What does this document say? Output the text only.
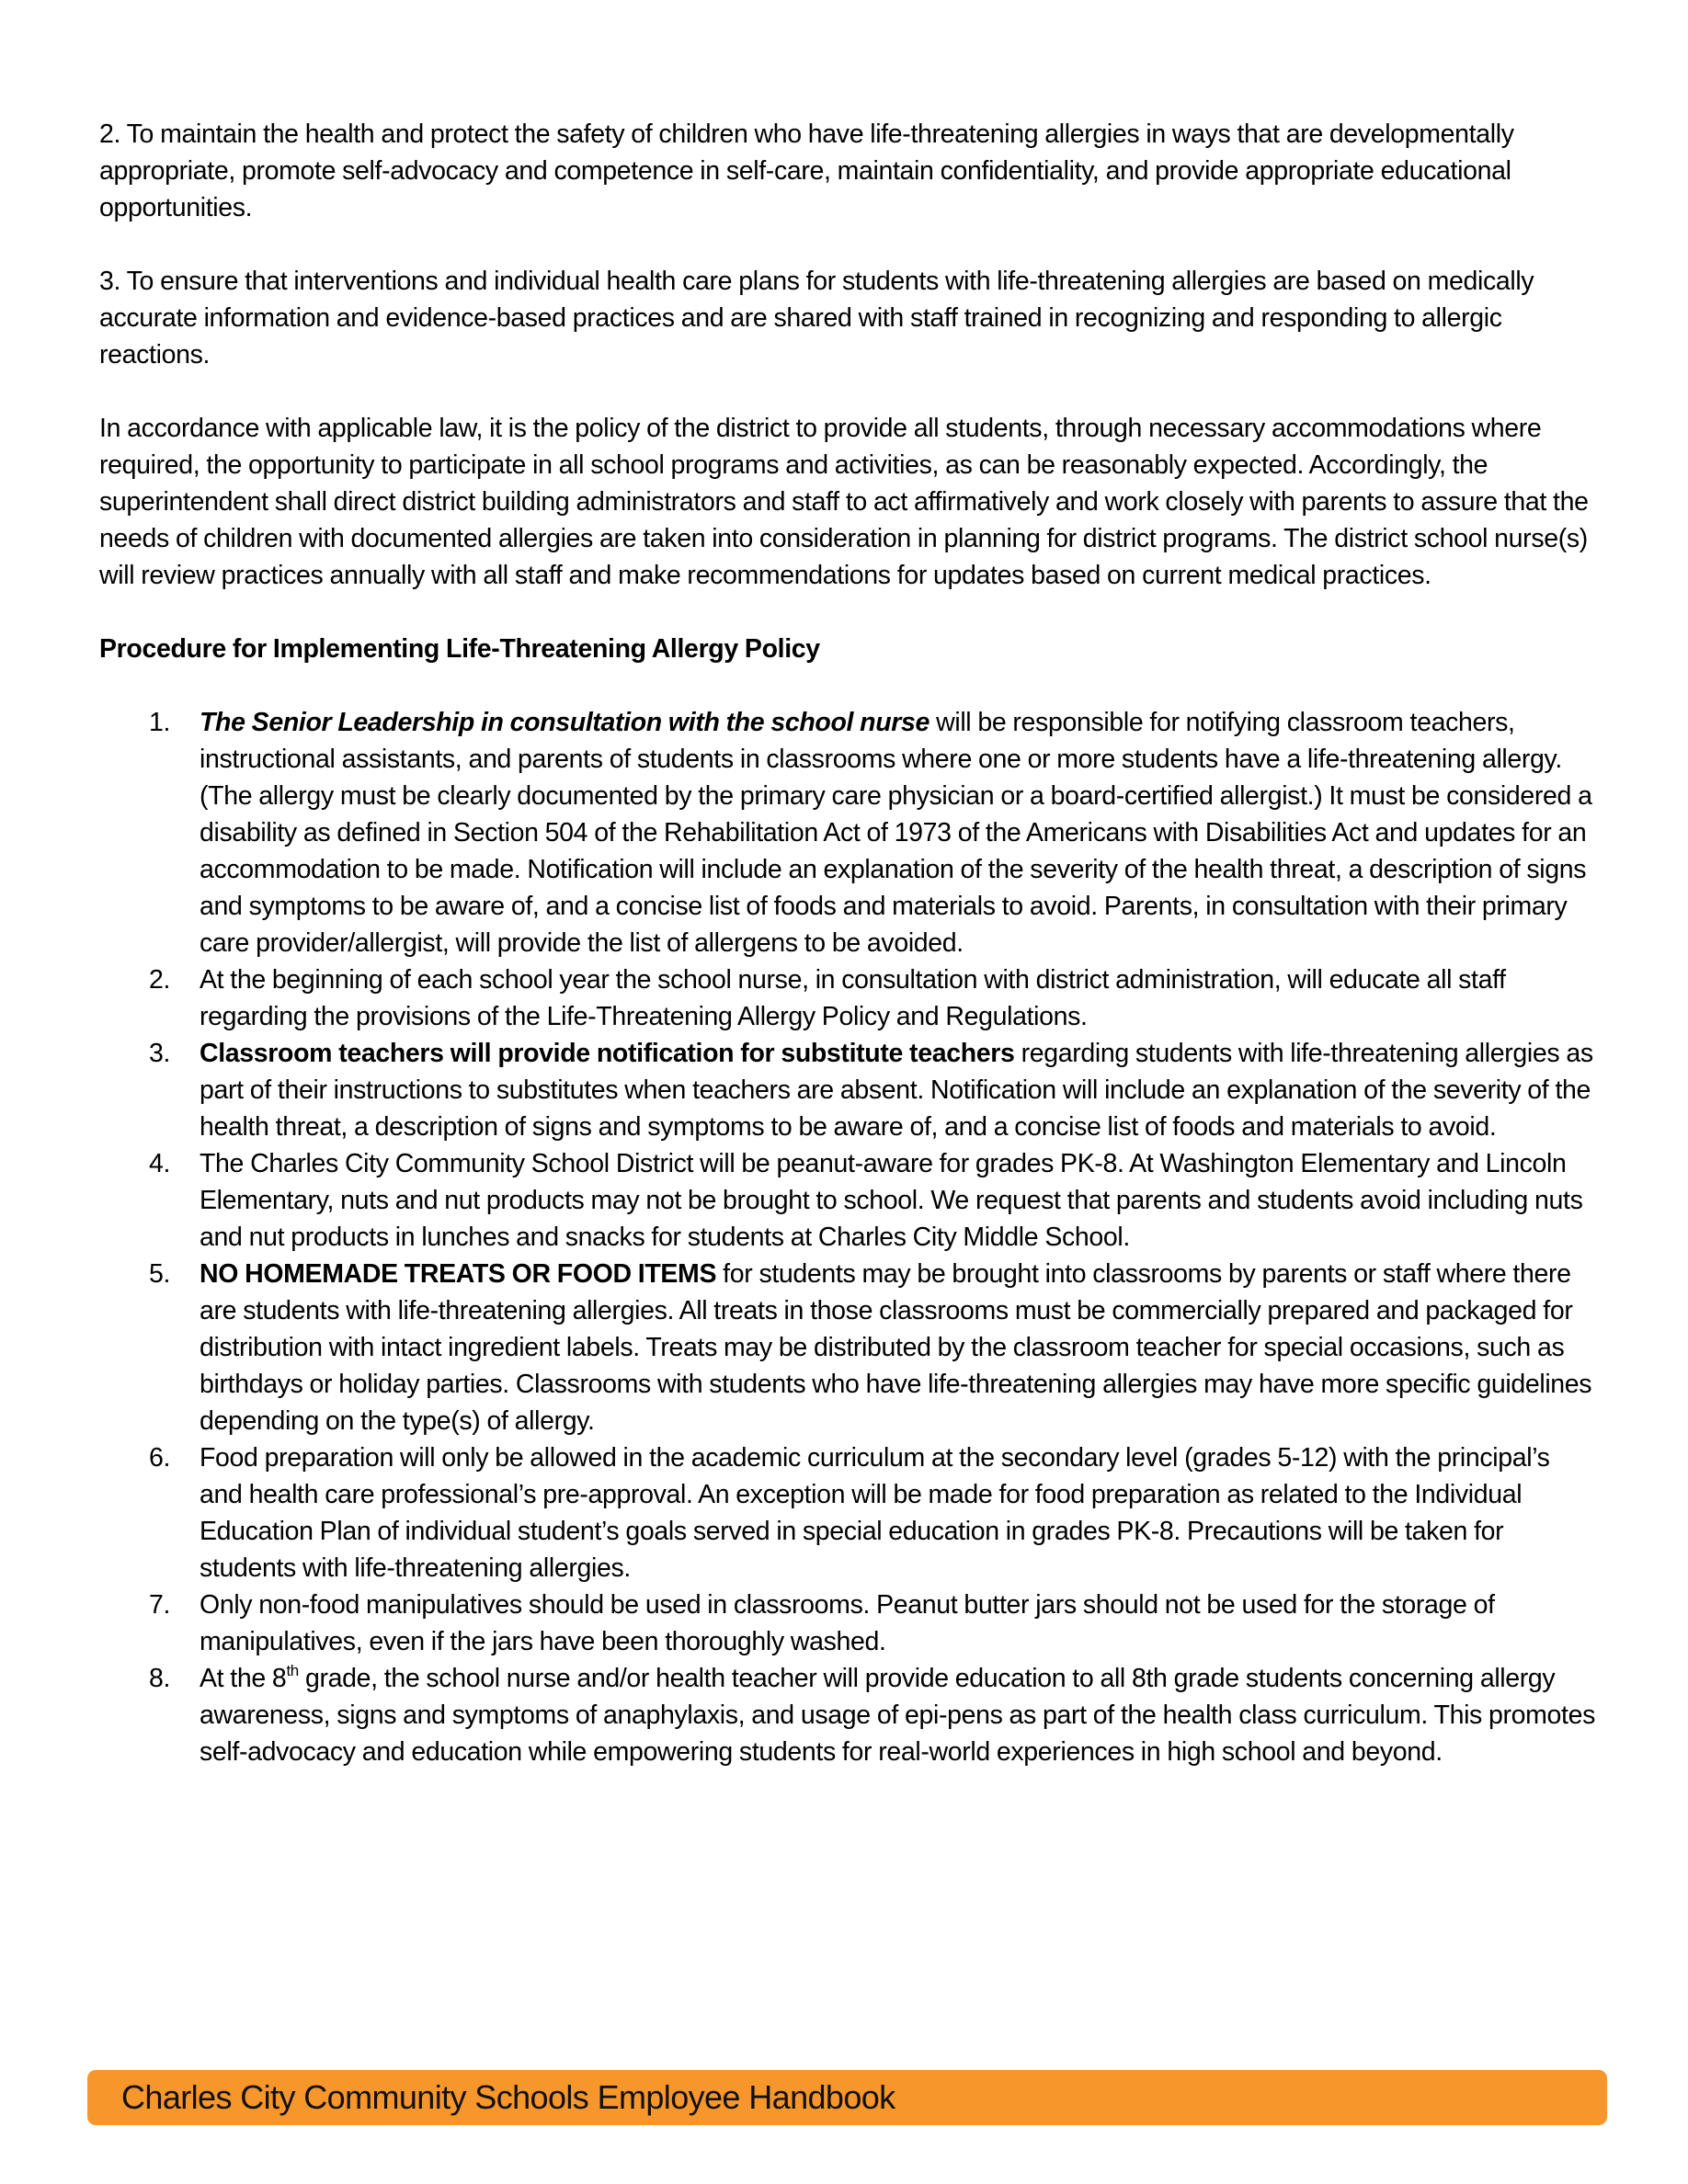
2. To maintain the health and protect the safety of children who have life-threatening allergies in ways that are developmentally appropriate, promote self-advocacy and competence in self-care, maintain confidentiality, and provide appropriate educational opportunities.

3. To ensure that interventions and individual health care plans for students with life-threatening allergies are based on medically accurate information and evidence-based practices and are shared with staff trained in recognizing and responding to allergic reactions.

In accordance with applicable law, it is the policy of the district to provide all students, through necessary accommodations where required, the opportunity to participate in all school programs and activities, as can be reasonably expected. Accordingly, the superintendent shall direct district building administrators and staff to act affirmatively and work closely with parents to assure that the needs of children with documented allergies are taken into consideration in planning for district programs. The district school nurse(s) will review practices annually with all staff and make recommendations for updates based on current medical practices.

Procedure for Implementing Life-Threatening Allergy Policy

1. The Senior Leadership in consultation with the school nurse will be responsible for notifying classroom teachers, instructional assistants, and parents of students in classrooms where one or more students have a life-threatening allergy. (The allergy must be clearly documented by the primary care physician or a board-certified allergist.) It must be considered a disability as defined in Section 504 of the Rehabilitation Act of 1973 of the Americans with Disabilities Act and updates for an accommodation to be made. Notification will include an explanation of the severity of the health threat, a description of signs and symptoms to be aware of, and a concise list of foods and materials to avoid. Parents, in consultation with their primary care provider/allergist, will provide the list of allergens to be avoided.
2. At the beginning of each school year the school nurse, in consultation with district administration, will educate all staff regarding the provisions of the Life-Threatening Allergy Policy and Regulations.
3. Classroom teachers will provide notification for substitute teachers regarding students with life-threatening allergies as part of their instructions to substitutes when teachers are absent. Notification will include an explanation of the severity of the health threat, a description of signs and symptoms to be aware of, and a concise list of foods and materials to avoid.
4. The Charles City Community School District will be peanut-aware for grades PK-8. At Washington Elementary and Lincoln Elementary, nuts and nut products may not be brought to school. We request that parents and students avoid including nuts and nut products in lunches and snacks for students at Charles City Middle School.
5. NO HOMEMADE TREATS OR FOOD ITEMS for students may be brought into classrooms by parents or staff where there are students with life-threatening allergies. All treats in those classrooms must be commercially prepared and packaged for distribution with intact ingredient labels. Treats may be distributed by the classroom teacher for special occasions, such as birthdays or holiday parties. Classrooms with students who have life-threatening allergies may have more specific guidelines depending on the type(s) of allergy.
6. Food preparation will only be allowed in the academic curriculum at the secondary level (grades 5-12) with the principal’s and health care professional’s pre-approval. An exception will be made for food preparation as related to the Individual Education Plan of individual student’s goals served in special education in grades PK-8. Precautions will be taken for students with life-threatening allergies.
7. Only non-food manipulatives should be used in classrooms. Peanut butter jars should not be used for the storage of manipulatives, even if the jars have been thoroughly washed.
8. At the 8th grade, the school nurse and/or health teacher will provide education to all 8th grade students concerning allergy awareness, signs and symptoms of anaphylaxis, and usage of epi-pens as part of the health class curriculum. This promotes self-advocacy and education while empowering students for real-world experiences in high school and beyond.
Charles City Community Schools Employee Handbook
